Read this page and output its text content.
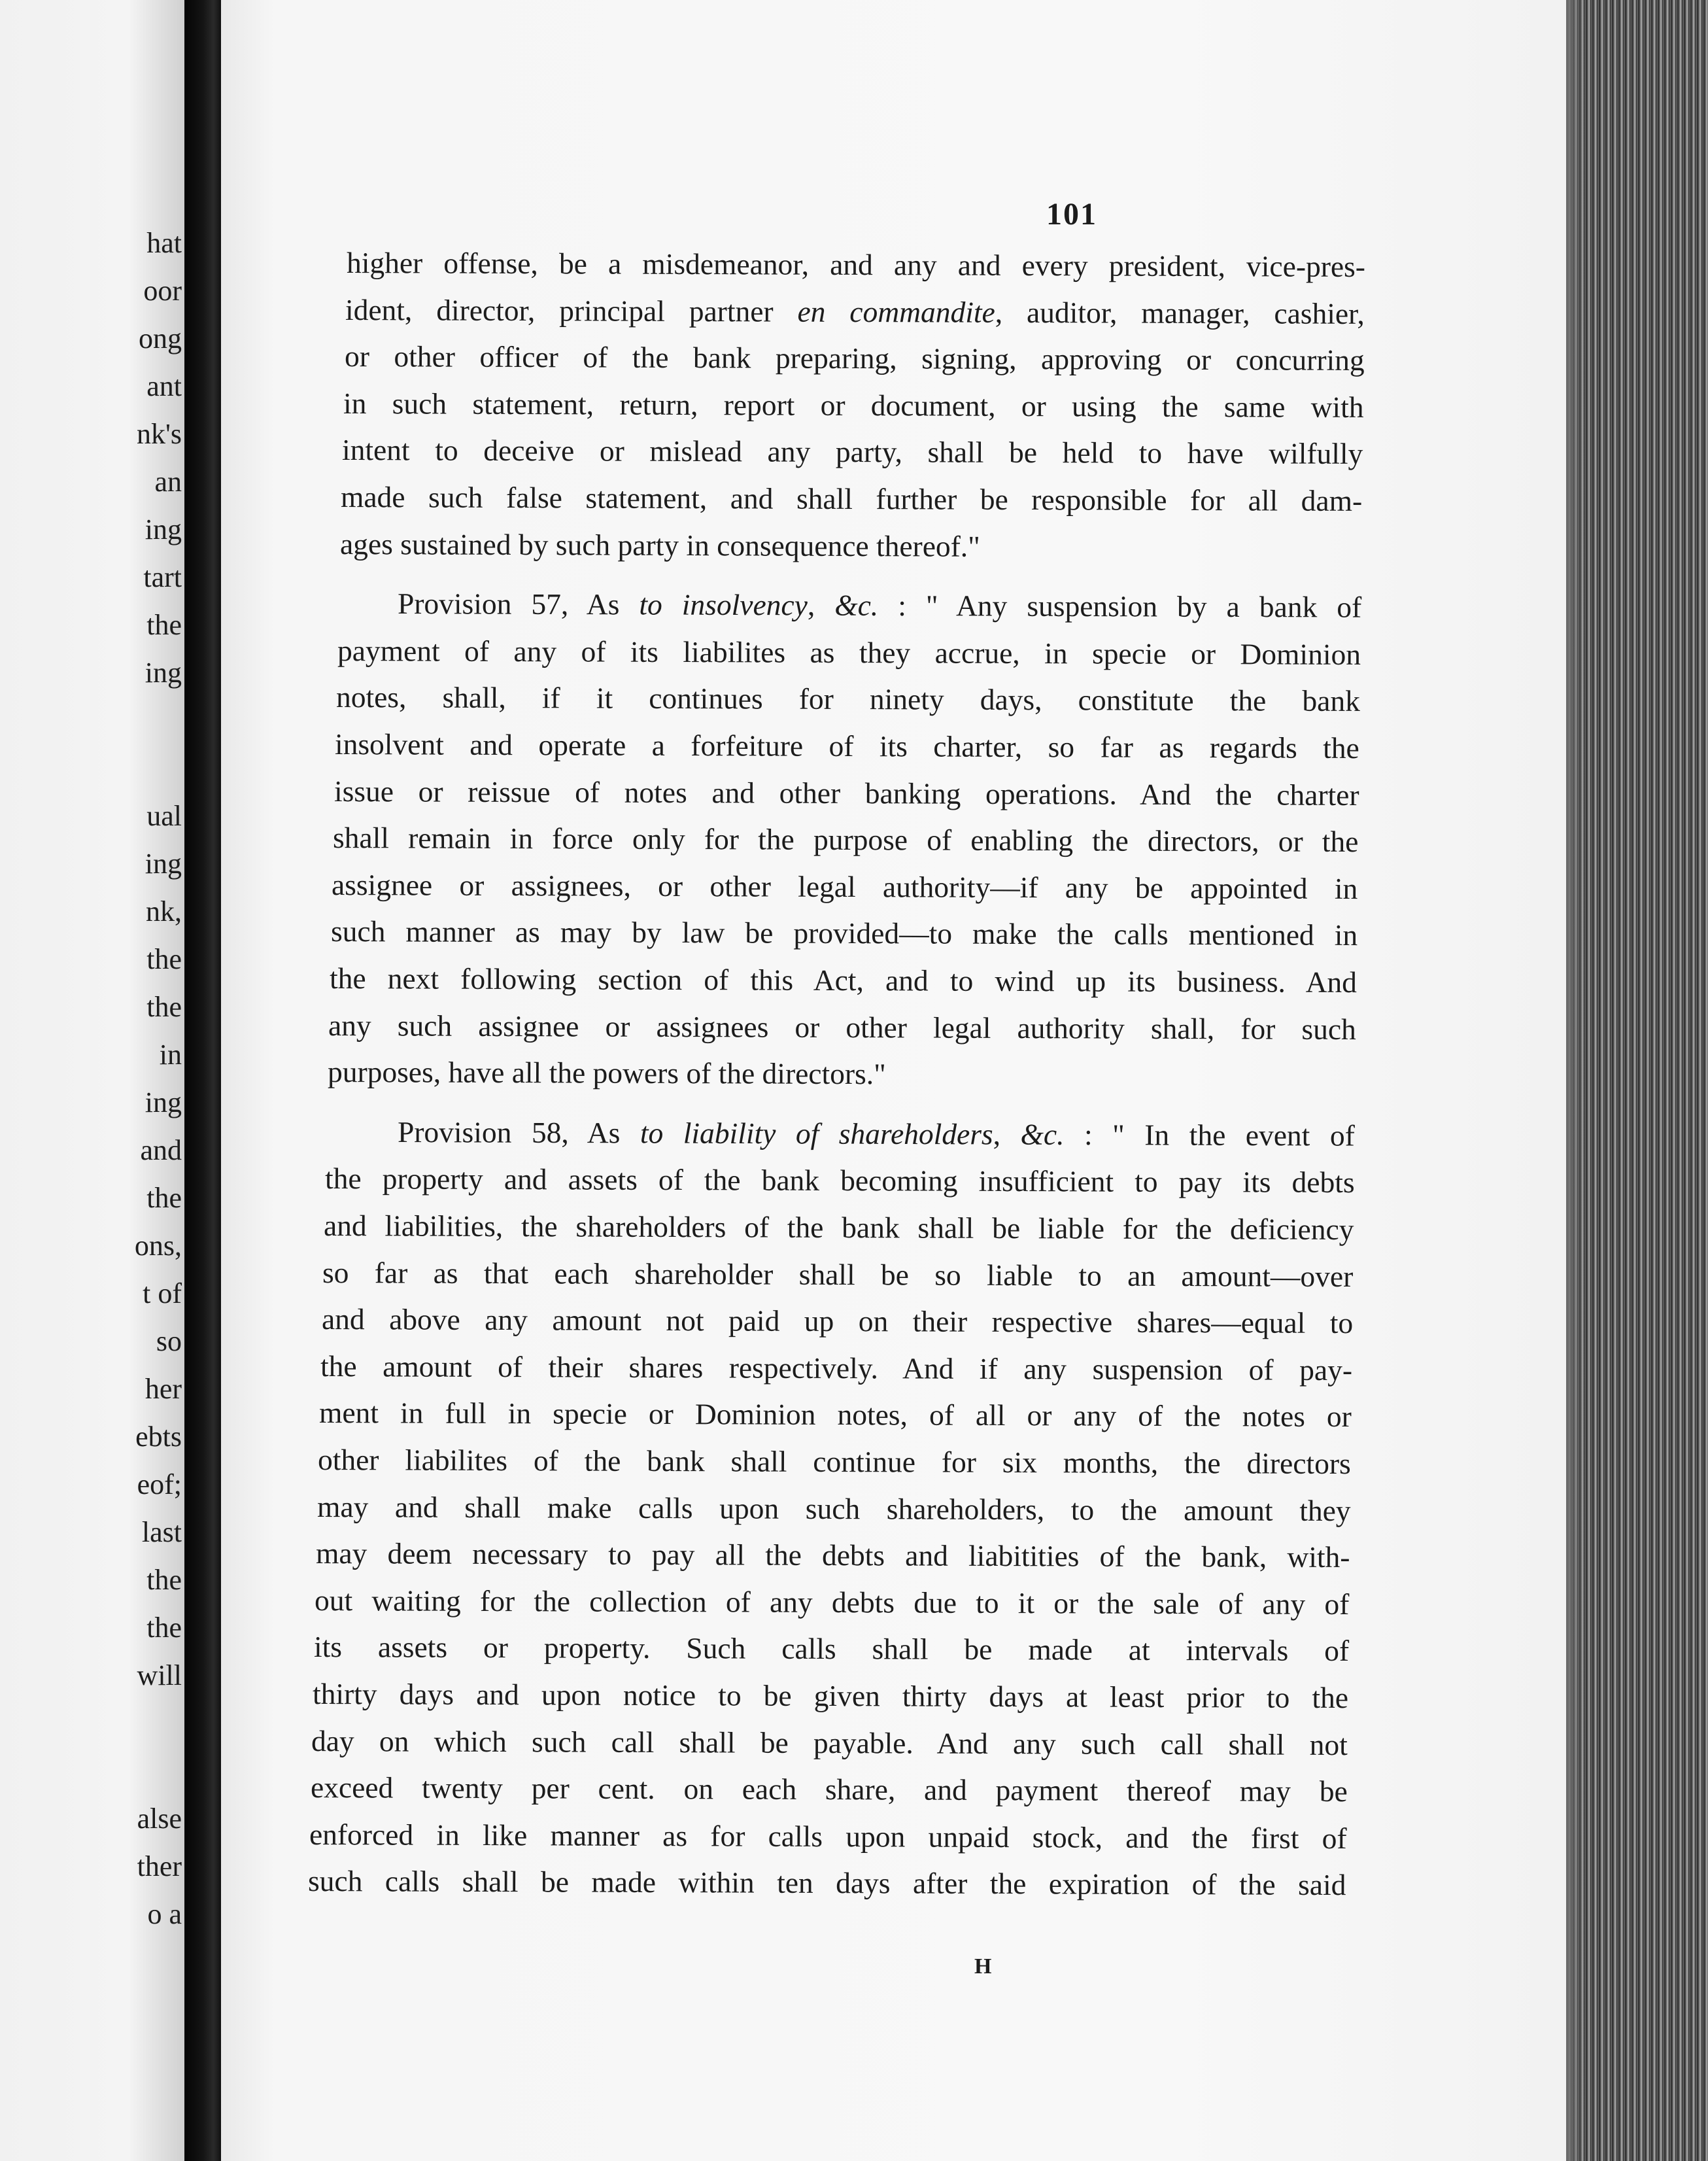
hat
oor
ong
ant
nk's
an
ing
tart
the
ing
ual
ing
nk,
the
the
in
ing
and
the
ons,
t of
so
her
ebts
eof;
last
the
the
will
alse
ther
o a
101
higher offense, be a misdemeanor, and any and every president, vice-pres-
ident, director, principal partner en commandite, auditor, manager, cashier,
or other officer of the bank preparing, signing, approving or concurring
in such statement, return, report or document, or using the same with
intent to deceive or mislead any party, shall be held to have wilfully
made such false statement, and shall further be responsible for all dam-
ages sustained by such party in consequence thereof."
Provision 57, As to insolvency, &c. : " Any suspension by a bank of
payment of any of its liabilites as they accrue, in specie or Dominion
notes, shall, if it continues for ninety days, constitute the bank
insolvent and operate a forfeiture of its charter, so far as regards the
issue or reissue of notes and other banking operations. And the charter
shall remain in force only for the purpose of enabling the directors, or the
assignee or assignees, or other legal authority—if any be appointed in
such manner as may by law be provided—to make the calls mentioned in
the next following section of this Act, and to wind up its business. And
any such assignee or assignees or other legal authority shall, for such
purposes, have all the powers of the directors."
Provision 58, As to liability of shareholders, &c. : " In the event of
the property and assets of the bank becoming insufficient to pay its debts
and liabilities, the shareholders of the bank shall be liable for the deficiency
so far as that each shareholder shall be so liable to an amount—over
and above any amount not paid up on their respective shares—equal to
the amount of their shares respectively. And if any suspension of pay-
ment in full in specie or Dominion notes, of all or any of the notes or
other liabilites of the bank shall continue for six months, the directors
may and shall make calls upon such shareholders, to the amount they
may deem necessary to pay all the debts and liabitities of the bank, with-
out waiting for the collection of any debts due to it or the sale of any of
its assets or property. Such calls shall be made at intervals of
thirty days and upon notice to be given thirty days at least prior to the
day on which such call shall be payable. And any such call shall not
exceed twenty per cent. on each share, and payment thereof may be
enforced in like manner as for calls upon unpaid stock, and the first of
such calls shall be made within ten days after the expiration of the said
H
